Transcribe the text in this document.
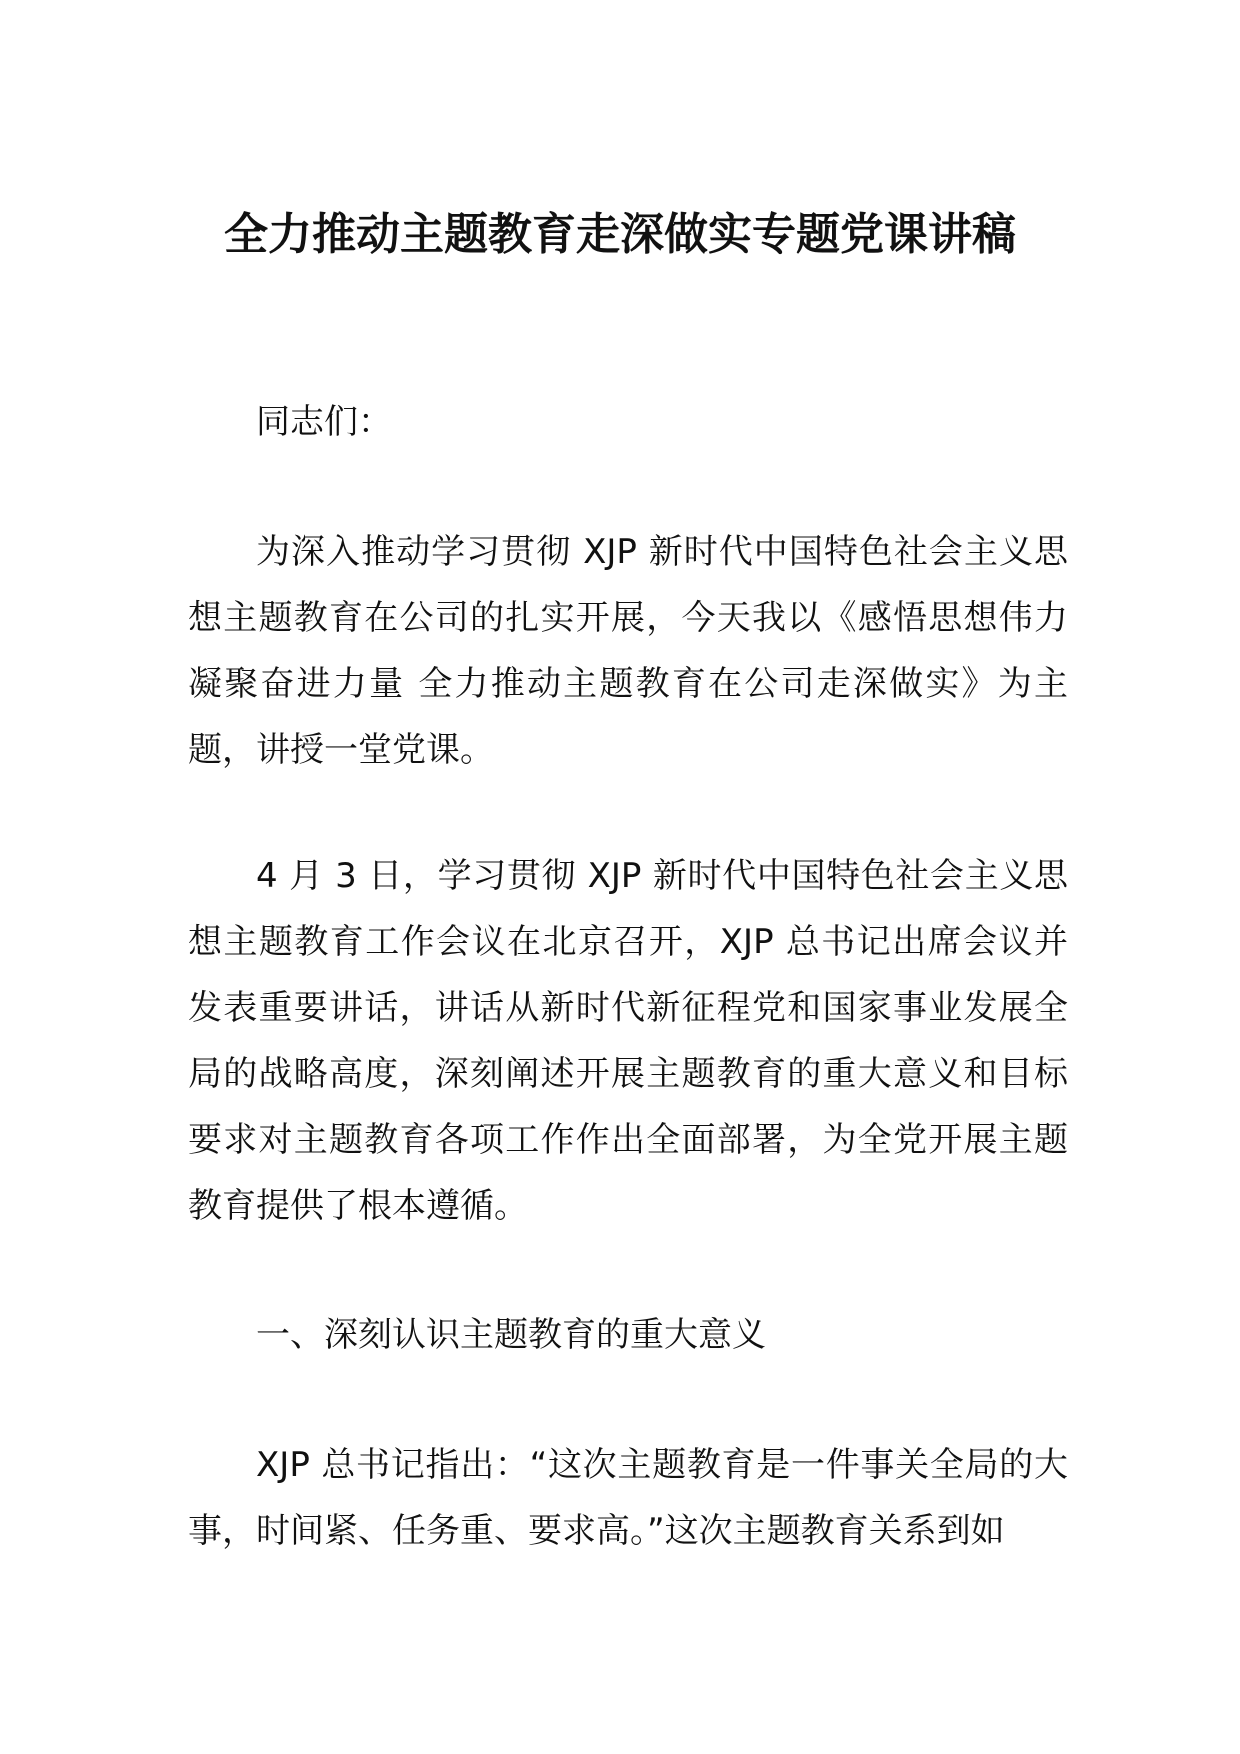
全力推动主题教育走深做实专题党课讲稿

同志们：

为深入推动学习贯彻 XJP 新时代中国特色社会主义思想主题教育在公司的扎实开展，今天我以《感悟思想伟力 凝聚奋进力量 全力推动主题教育在公司走深做实》为主题，讲授一堂党课。

4 月 3 日，学习贯彻 XJP 新时代中国特色社会主义思想主题教育工作会议在北京召开，XJP 总书记出席会议并发表重要讲话，讲话从新时代新征程党和国家事业发展全局的战略高度，深刻阐述开展主题教育的重大意义和目标要求对主题教育各项工作作出全面部署，为全党开展主题教育提供了根本遵循。

一、深刻认识主题教育的重大意义

XJP 总书记指出：“这次主题教育是一件事关全局的大事，时间紧、任务重、要求高。”这次主题教育关系到如
